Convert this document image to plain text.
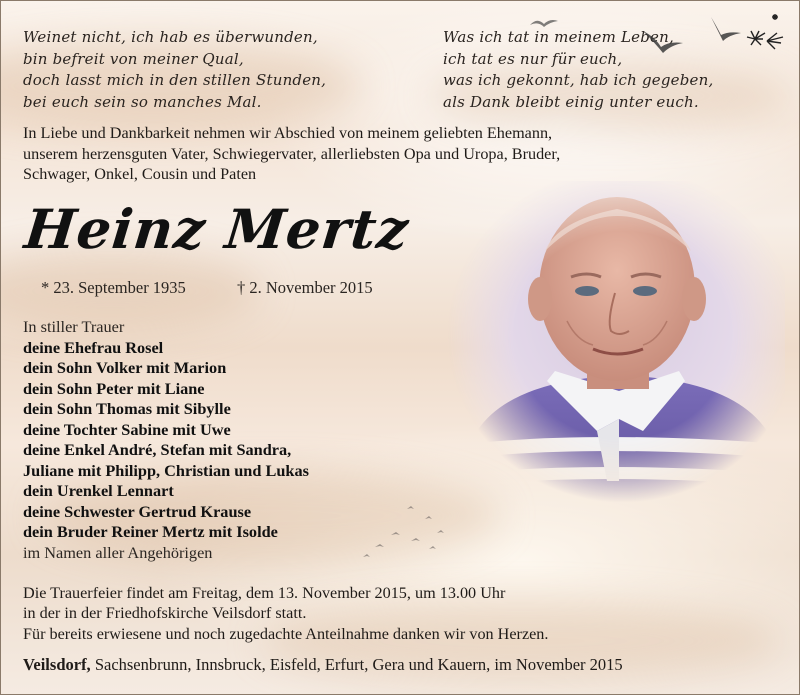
Weinet nicht, ich hab es überwunden,
bin befreit von meiner Qual,
doch lasst mich in den stillen Stunden,
bei euch sein so manches Mal.
Was ich tat in meinem Leben,
ich tat es nur für euch,
was ich gekonnt, hab ich gegeben,
als Dank bleibt einig unter euch.
In Liebe und Dankbarkeit nehmen wir Abschied von meinem geliebten Ehemann,
unserem herzensguten Vater, Schwiegervater, allerliebsten Opa und Uropa, Bruder,
Schwager, Onkel, Cousin und Paten
Heinz Mertz
* 23. September 1935	† 2. November 2015
In stiller Trauer
deine Ehefrau Rosel
dein Sohn Volker mit Marion
dein Sohn Peter mit Liane
dein Sohn Thomas mit Sibylle
deine Tochter Sabine mit Uwe
deine Enkel André, Stefan mit Sandra,
Juliane mit Philipp, Christian und Lukas
dein Urenkel Lennart
deine Schwester Gertrud Krause
dein Bruder Reiner Mertz mit Isolde
im Namen aller Angehörigen
Die Trauerfeier findet am Freitag, dem 13. November 2015, um 13.00 Uhr
in der in der Friedhofskirche Veilsdorf statt.
Für bereits erwiesene und noch zugedachte Anteilnahme danken wir von Herzen.
Veilsdorf, Sachsenbrunn, Innsbruck, Eisfeld, Erfurt, Gera und Kauern, im November 2015
